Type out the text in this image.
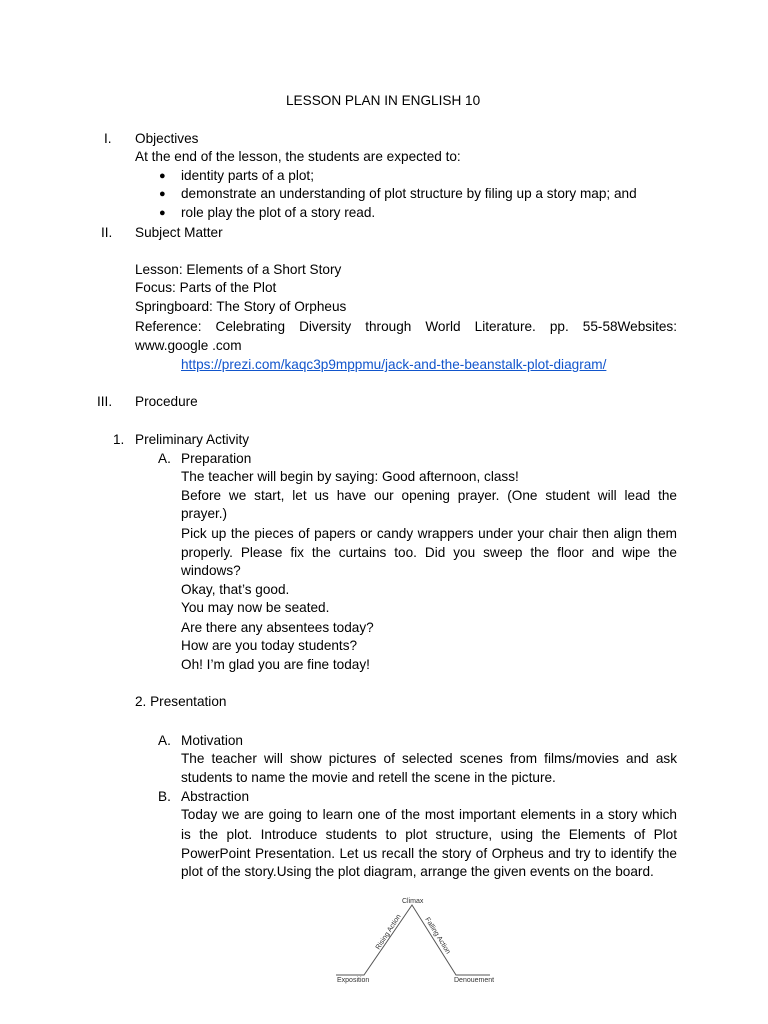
LESSON PLAN IN ENGLISH 10
I. Objectives
At the end of the lesson, the students are expected to:
● identity parts of a plot;
● demonstrate an understanding of plot structure by filing up a story map; and
● role play the plot of a story read.
II. Subject Matter
Lesson: Elements of a Short Story
Focus: Parts of the Plot
Springboard: The Story of Orpheus
Reference: Celebrating Diversity through World Literature. pp. 55-58Websites:
www.google .com
https://prezi.com/kaqc3p9mppmu/jack-and-the-beanstalk-plot-diagram/
III. Procedure
1. Preliminary Activity
A. Preparation
The teacher will begin by saying: Good afternoon, class!
Before we start, let us have our opening prayer. (One student will lead the
prayer.)
Pick up the pieces of papers or candy wrappers under your chair then align them
properly. Please fix the curtains too. Did you sweep the floor and wipe the
windows?
Okay, that’s good.
You may now be seated.
Are there any absentees today?
How are you today students?
Oh! I’m glad you are fine today!
2. Presentation
A. Motivation
The teacher will show pictures of selected scenes from films/movies and ask
students to name the movie and retell the scene in the picture.
B. Abstraction
Today we are going to learn one of the most important elements in a story which
is the plot. Introduce students to plot structure, using the Elements of Plot
PowerPoint Presentation. Let us recall the story of Orpheus and try to identify the
plot of the story.Using the plot diagram, arrange the given events on the board.
Climax
Rising Action	Falling Action
Exposition	Denouement
